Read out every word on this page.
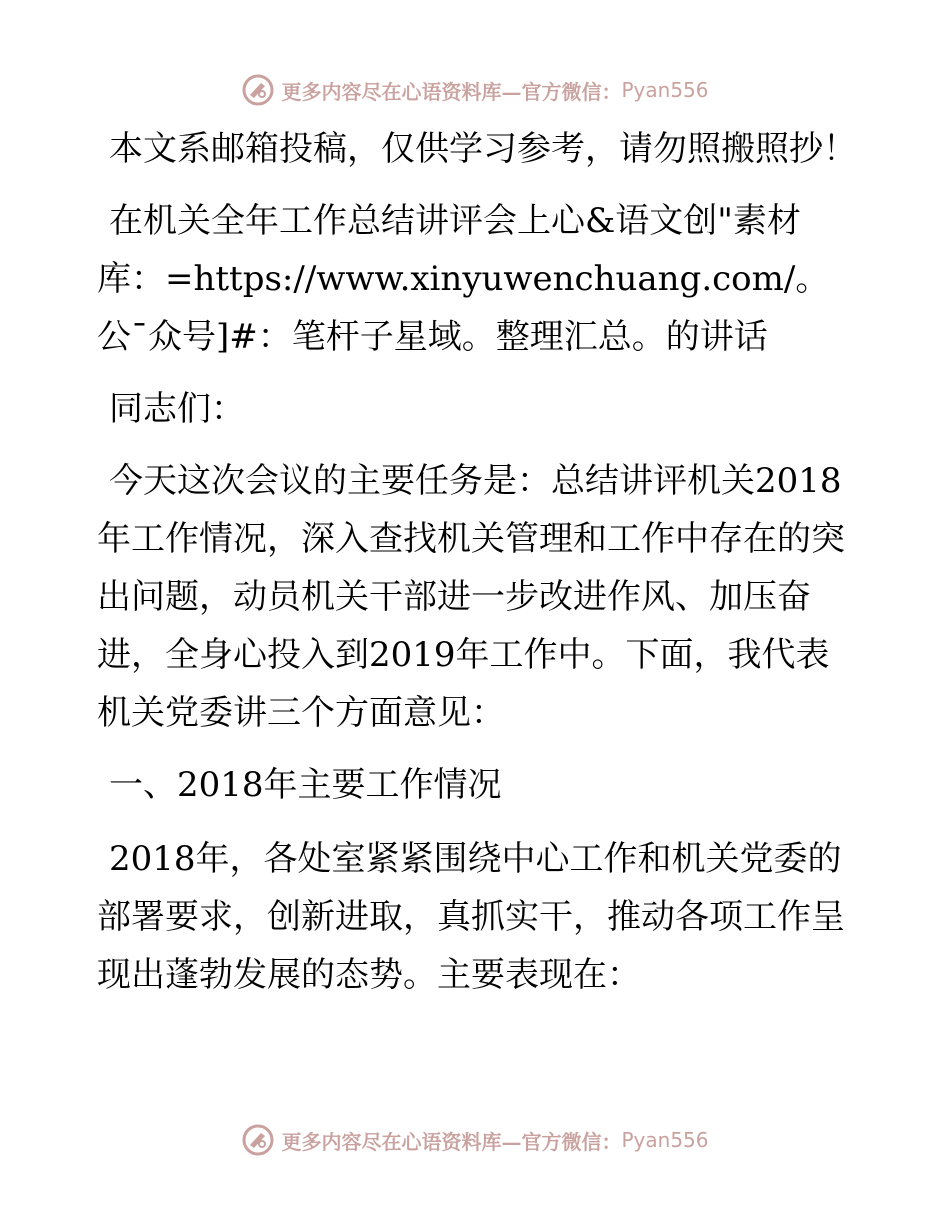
更多内容尽在心语资料库—官方微信： Pyan556

本文系邮箱投稿，仅供学习参考，请勿照搬照抄！

在机关全年工作总结讲评会上心&语文创"素材库：=https://www.xinyuwenchuang.com/。公¯众号]#：笔杆子星域。整理汇总。的讲话

同志们：

今天这次会议的主要任务是：总结讲评机关2018年工作情况，深入查找机关管理和工作中存在的突出问题，动员机关干部进一步改进作风、加压奋进，全身心投入到2019年工作中。下面，我代表机关党委讲三个方面意见：

一、2018年主要工作情况

2018年，各处室紧紧围绕中心工作和机关党委的部署要求，创新进取，真抓实干，推动各项工作呈现出蓬勃发展的态势。主要表现在：

更多内容尽在心语资料库—官方微信： Pyan556
